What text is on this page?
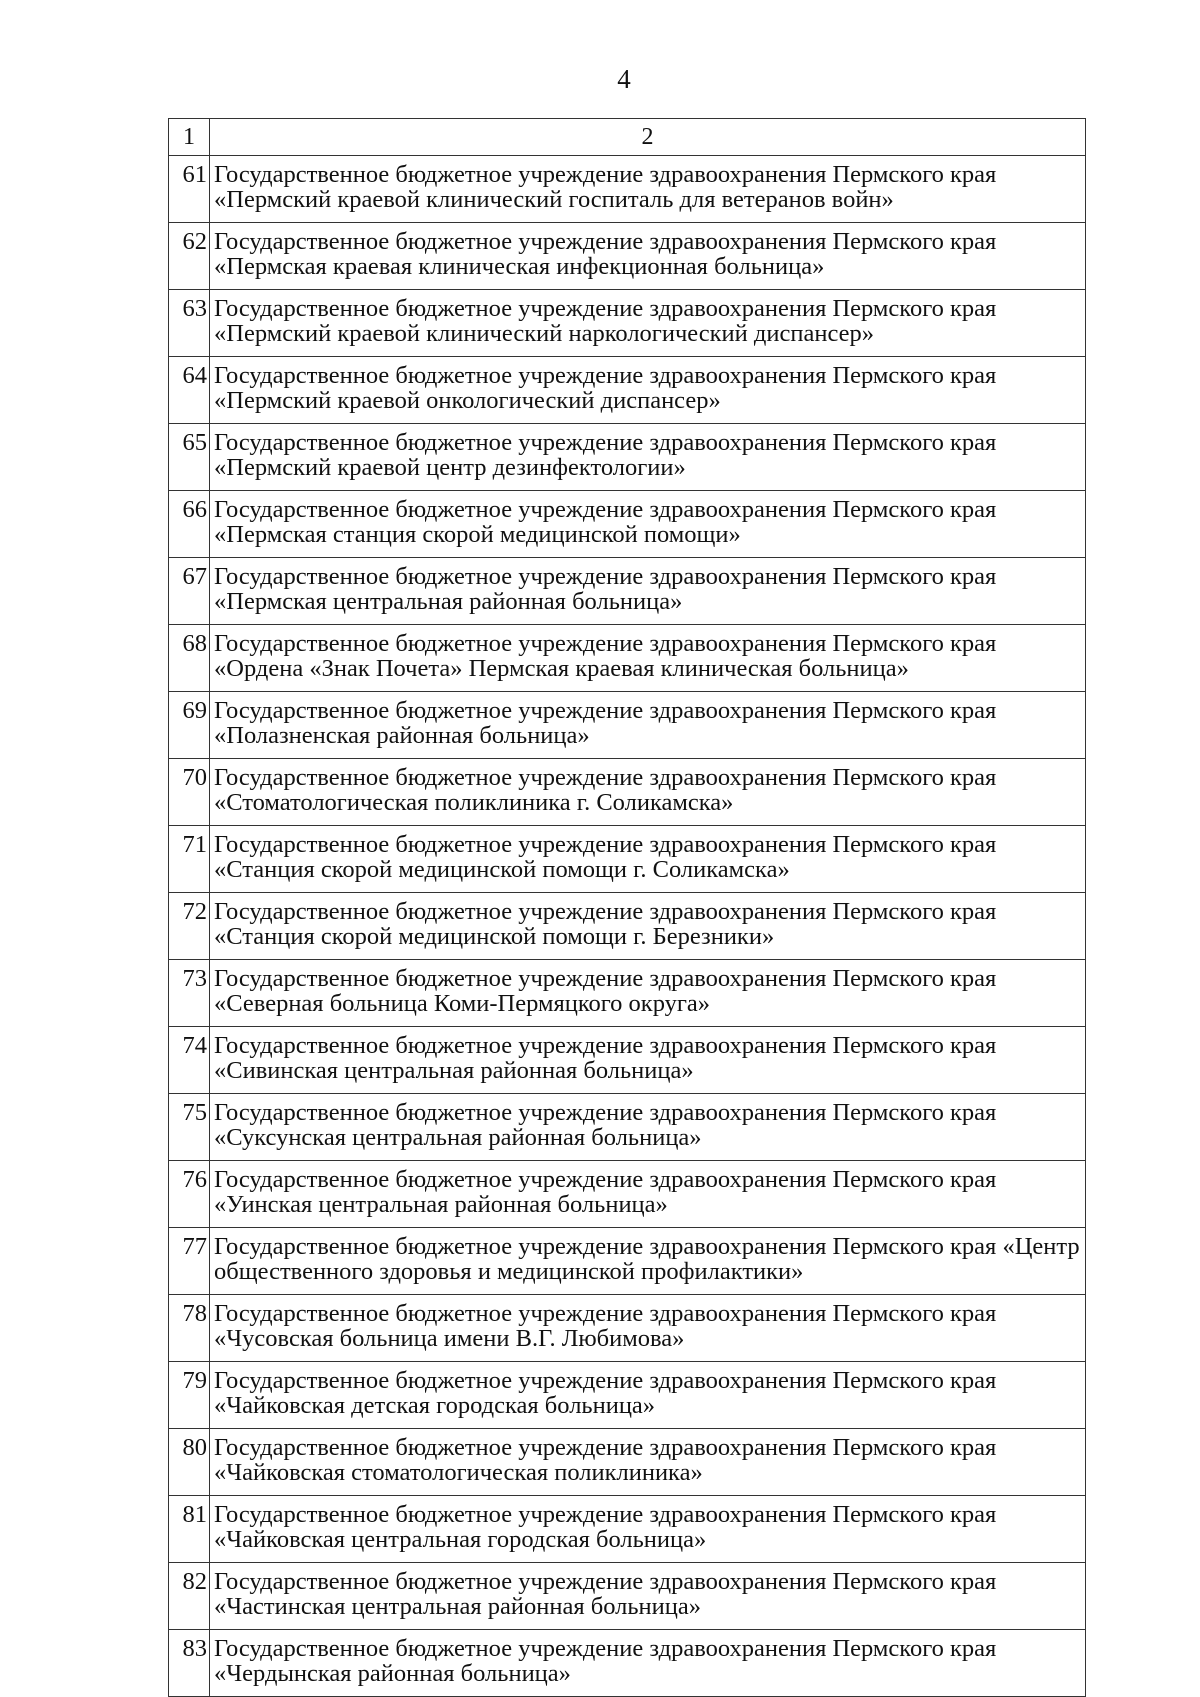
4
1	2
61	Государственное бюджетное учреждение здравоохранения Пермского края
«Пермский краевой клинический госпиталь для ветеранов войн»

62	Государственное бюджетное учреждение здравоохранения Пермского края
«Пермская краевая клиническая инфекционная больница»

63	Государственное бюджетное учреждение здравоохранения Пермского края
«Пермский краевой клинический наркологический диспансер»

64	Государственное бюджетное учреждение здравоохранения Пермского края
«Пермский краевой онкологический диспансер»

65	Государственное бюджетное учреждение здравоохранения Пермского края
«Пермский краевой центр дезинфектологии»

66	Государственное бюджетное учреждение здравоохранения Пермского края
«Пермская станция скорой медицинской помощи»

67	Государственное бюджетное учреждение здравоохранения Пермского края
«Пермская центральная районная больница»

68	Государственное бюджетное учреждение здравоохранения Пермского края
«Ордена «Знак Почета» Пермская краевая клиническая больница»

69	Государственное бюджетное учреждение здравоохранения Пермского края
«Полазненская районная больница»

70	Государственное бюджетное учреждение здравоохранения Пермского края
«Стоматологическая поликлиника г. Соликамска»

71	Государственное бюджетное учреждение здравоохранения Пермского края
«Станция скорой медицинской помощи г. Соликамска»

72	Государственное бюджетное учреждение здравоохранения Пермского края
«Станция скорой медицинской помощи г. Березники»

73	Государственное бюджетное учреждение здравоохранения Пермского края
«Северная больница Коми-Пермяцкого округа»

74	Государственное бюджетное учреждение здравоохранения Пермского края
«Сивинская центральная районная больница»

75	Государственное бюджетное учреждение здравоохранения Пермского края
«Суксунская центральная районная больница»

76	Государственное бюджетное учреждение здравоохранения Пермского края
«Уинская центральная районная больница»

77	Государственное бюджетное учреждение здравоохранения Пермского края «Центр
общественного здоровья и медицинской профилактики»

78	Государственное бюджетное учреждение здравоохранения Пермского края
«Чусовская больница имени В.Г. Любимова»

79	Государственное бюджетное учреждение здравоохранения Пермского края
«Чайковская детская городская больница»

80	Государственное бюджетное учреждение здравоохранения Пермского края
«Чайковская стоматологическая поликлиника»

81	Государственное бюджетное учреждение здравоохранения Пермского края
«Чайковская центральная городская больница»

82	Государственное бюджетное учреждение здравоохранения Пермского края
«Частинская центральная районная больница»

83	Государственное бюджетное учреждение здравоохранения Пермского края
«Чердынская районная больница»
